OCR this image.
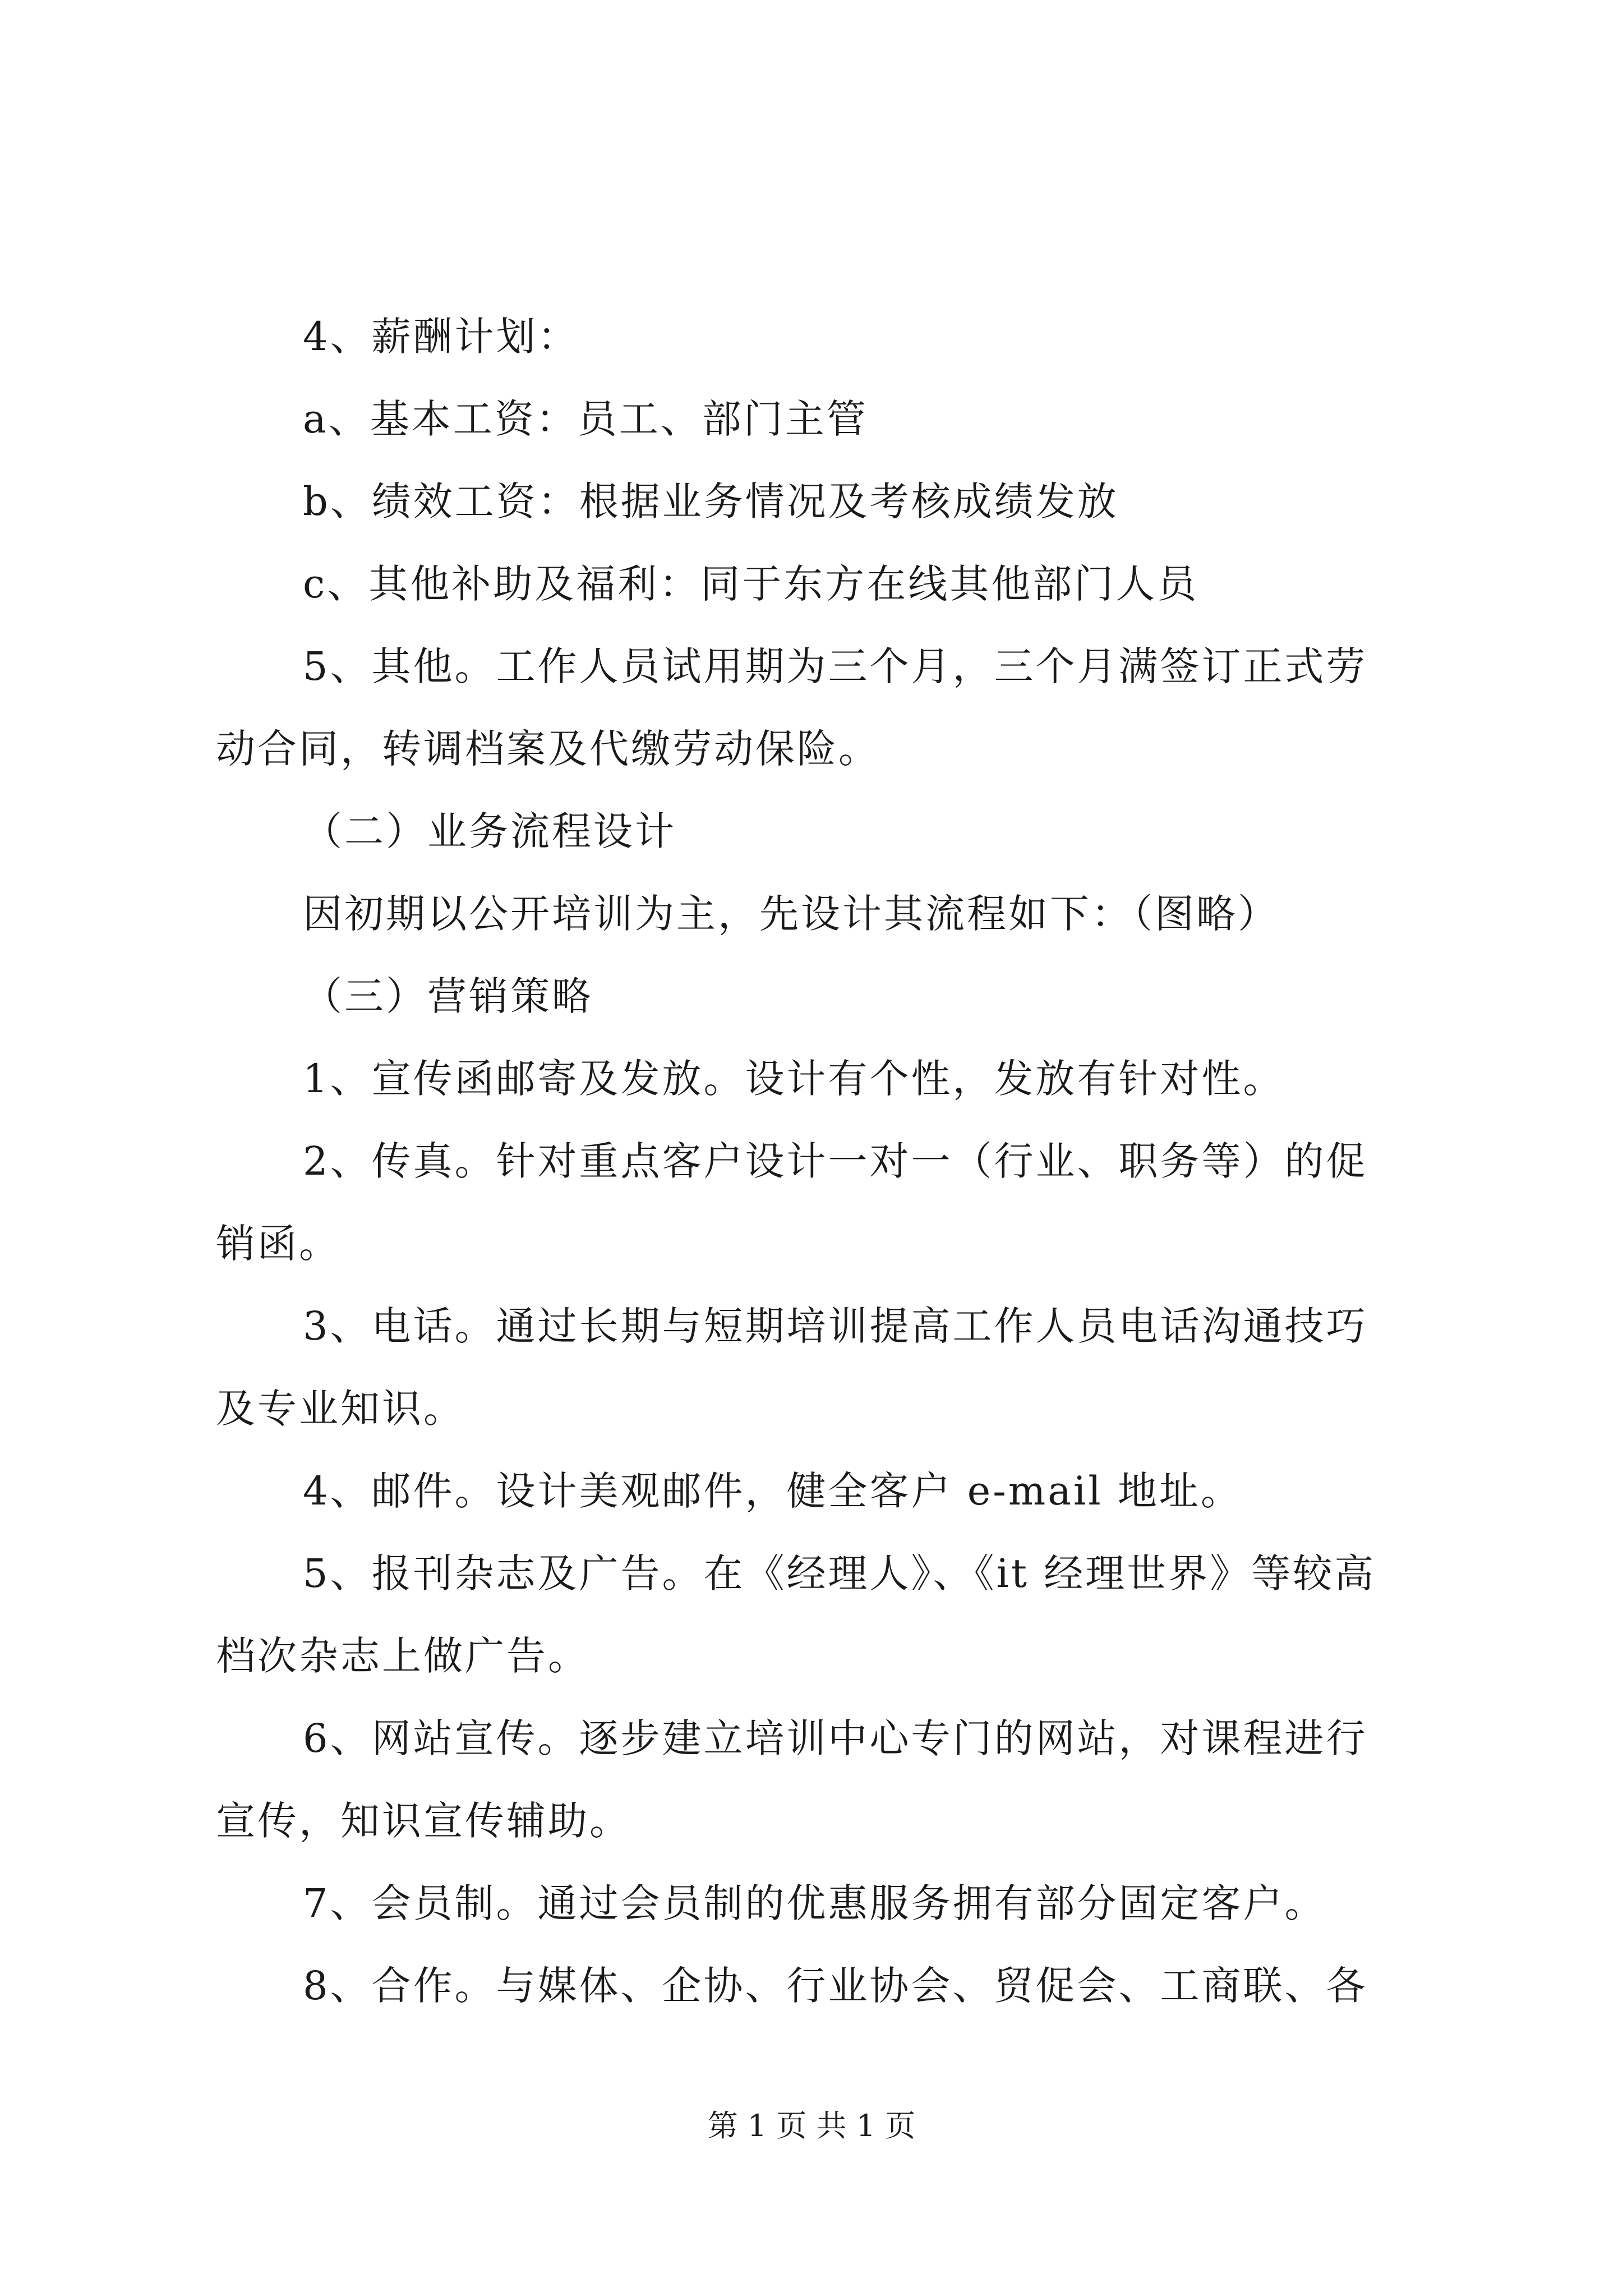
4、薪酬计划：

a、基本工资：员工、部门主管

b、绩效工资：根据业务情况及考核成绩发放

c、其他补助及福利：同于东方在线其他部门人员

5、其他。工作人员试用期为三个月，三个月满签订正式劳

动合同，转调档案及代缴劳动保险。

（二）业务流程设计

因初期以公开培训为主，先设计其流程如下：（图略）

（三）营销策略

1、宣传函邮寄及发放。设计有个性，发放有针对性。

2、传真。针对重点客户设计一对一（行业、职务等）的促

销函。

3、电话。通过长期与短期培训提高工作人员电话沟通技巧

及专业知识。

4、邮件。设计美观邮件，健全客户 e-mail 地址。

5、报刊杂志及广告。在《经理人》、《it 经理世界》等较高

档次杂志上做广告。

6、网站宣传。逐步建立培训中心专门的网站，对课程进行

宣传，知识宣传辅助。

7、会员制。通过会员制的优惠服务拥有部分固定客户。

8、合作。与媒体、企协、行业协会、贸促会、工商联、各

第 1 页 共 1 页
